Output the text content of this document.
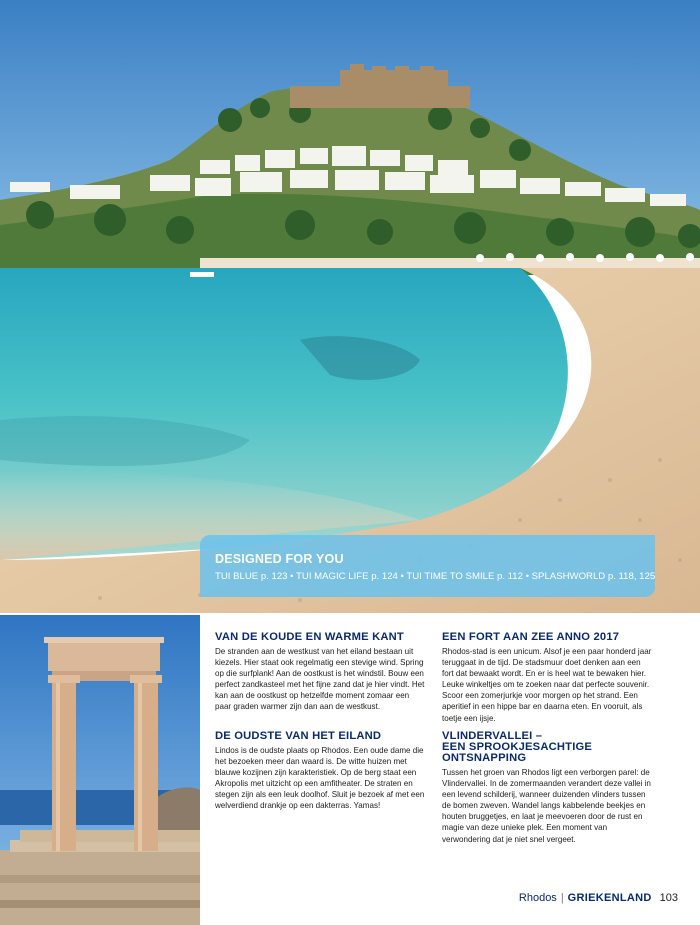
DESIGNED FOR YOU
TUI BLUE p. 123 • TUI MAGIC LIFE p. 124 • TUI TIME TO SMILE p. 112 • SPLASHWORLD p. 118, 125
VAN DE KOUDE EN WARME KANT

De stranden aan de westkust van het eiland bestaan uit kiezels. Hier staat ook regelmatig een stevige wind. Spring op die surfplank! Aan de oostkust is het windstil. Bouw een perfect zandkasteel met het fijne zand dat je hier vindt. Het kan aan de oostkust op hetzelfde moment zomaar een paar graden warmer zijn dan aan de westkust.

DE OUDSTE VAN HET EILAND

Lindos is de oudste plaats op Rhodos. Een oude dame die het bezoeken meer dan waard is. De witte huizen met blauwe kozijnen zijn karakteristiek. Op de berg staat een Akropolis met uitzicht op een amfitheater. De straten en stegen zijn als een leuk doolhof. Sluit je bezoek af met een welverdiend drankje op een dakterras. Yamas!

EEN FORT AAN ZEE ANNO 2017

Rhodos-stad is een unicum. Alsof je een paar honderd jaar teruggaat in de tijd. De stadsmuur doet denken aan een fort dat bewaakt wordt. En er is heel wat te bewaken hier. Leuke winkeltjes om te zoeken naar dat perfecte souvenir. Scoor een zomerjurkje voor morgen op het strand. Een aperitief in een hippe bar en daarna eten. En vooruit, als toetje een ijsje.

VLINDERVALLEI –
EEN SPROOKJESACHTIGE
ONTSNAPPING

Tussen het groen van Rhodos ligt een verborgen parel: de Vlindervallei. In de zomermaanden verandert deze vallei in een levend schilderij, wanneer duizenden vlinders tussen de bomen zweven. Wandel langs kabbelende beekjes en houten bruggetjes, en laat je meevoeren door de rust en magie van deze unieke plek. Een moment van verwondering dat je niet snel vergeet.

Rhodos | GRIEKENLAND 103
